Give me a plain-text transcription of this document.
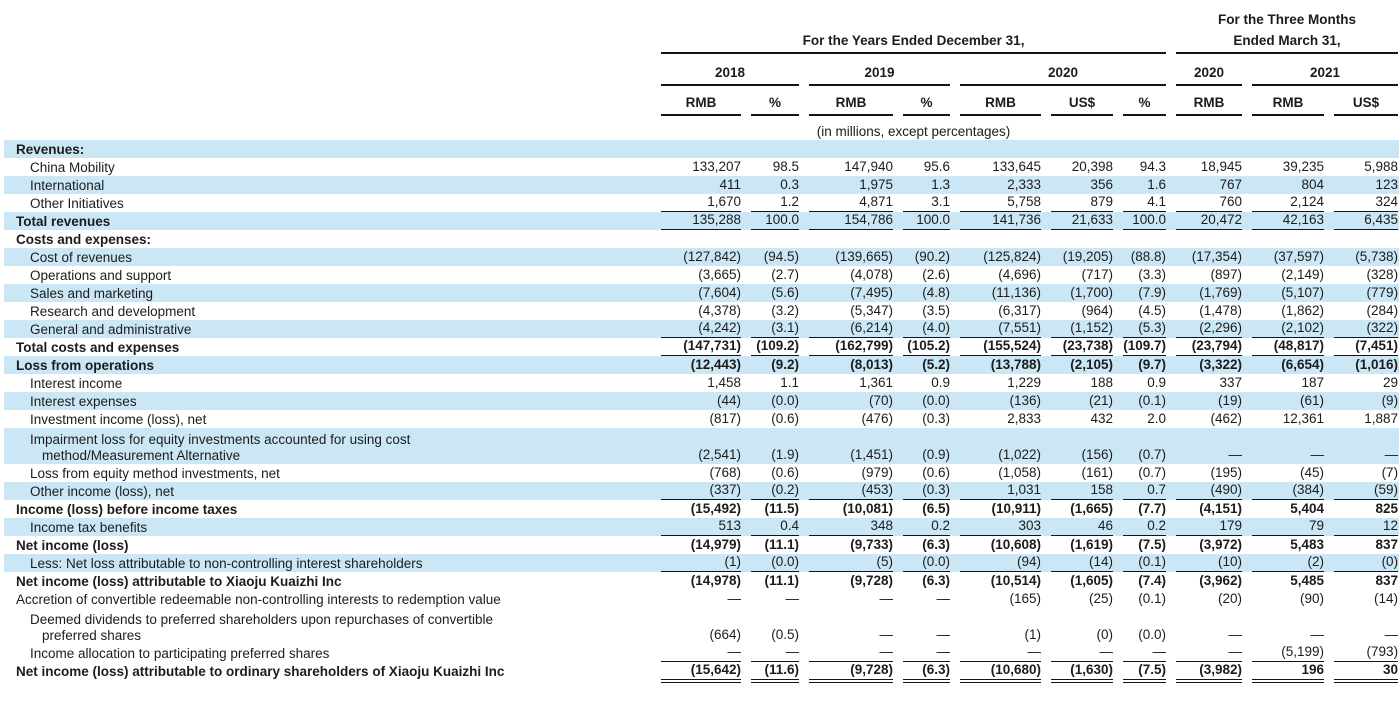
								For the Three Months		

	For the Years Ended December 31,							Ended March 31,		

	2018		2019		2020			2020	2021	

	RMB	%	RMB	%	RMB	US$	%	RMB	RMB	US$

	(in millions, except percentages)									

Revenues:										

China Mobility	133,207	98.5	147,940	95.6	133,645	20,398	94.3	18,945	39,235	5,988

International	411	0.3	1,975	1.3	2,333	356	1.6	767	804	123

Other Initiatives	1,670	1.2	4,871	3.1	5,758	879	4.1	760	2,124	324

Total revenues	135,288	100.0	154,786	100.0	141,736	21,633	100.0	20,472	42,163	6,435

Costs and expenses:										

Cost of revenues	(127,842)	(94.5)	(139,665)	(90.2)	(125,824)	(19,205)	(88.8)	(17,354)	(37,597)	(5,738)

Operations and support	(3,665)	(2.7)	(4,078)	(2.6)	(4,696)	(717)	(3.3)	(897)	(2,149)	(328)

Sales and marketing	(7,604)	(5.6)	(7,495)	(4.8)	(11,136)	(1,700)	(7.9)	(1,769)	(5,107)	(779)

Research and development	(4,378)	(3.2)	(5,347)	(3.5)	(6,317)	(964)	(4.5)	(1,478)	(1,862)	(284)

General and administrative	(4,242)	(3.1)	(6,214)	(4.0)	(7,551)	(1,152)	(5.3)	(2,296)	(2,102)	(322)

Total costs and expenses	(147,731)	(109.2)	(162,799)	(105.2)	(155,524)	(23,738)	(109.7)	(23,794)	(48,817)	(7,451)

Loss from operations	(12,443)	(9.2)	(8,013)	(5.2)	(13,788)	(2,105)	(9.7)	(3,322)	(6,654)	(1,016)

Interest income	1,458	1.1	1,361	0.9	1,229	188	0.9	337	187	29

Interest expenses	(44)	(0.0)	(70)	(0.0)	(136)	(21)	(0.1)	(19)	(61)	(9)

Investment income (loss), net	(817)	(0.6)	(476)	(0.3)	2,833	432	2.0	(462)	12,361	1,887

Impairment loss for equity investments accounted for using cost
method/Measurement Alternative	(2,541)	(1.9)	(1,451)	(0.9)	(1,022)	(156)	(0.7)	—	—	—

Loss from equity method investments, net	(768)	(0.6)	(979)	(0.6)	(1,058)	(161)	(0.7)	(195)	(45)	(7)

Other income (loss), net	(337)	(0.2)	(453)	(0.3)	1,031	158	0.7	(490)	(384)	(59)

Income (loss) before income taxes	(15,492)	(11.5)	(10,081)	(6.5)	(10,911)	(1,665)	(7.7)	(4,151)	5,404	825

Income tax benefits	513	0.4	348	0.2	303	46	0.2	179	79	12

Net income (loss)	(14,979)	(11.1)	(9,733)	(6.3)	(10,608)	(1,619)	(7.5)	(3,972)	5,483	837

Less: Net loss attributable to non-controlling interest shareholders	(1)	(0.0)	(5)	(0.0)	(94)	(14)	(0.1)	(10)	(2)	(0)

Net income (loss) attributable to Xiaoju Kuaizhi Inc	(14,978)	(11.1)	(9,728)	(6.3)	(10,514)	(1,605)	(7.4)	(3,962)	5,485	837

Accretion of convertible redeemable non-controlling interests to redemption value	—	—	—	—	(165)	(25)	(0.1)	(20)	(90)	(14)

Deemed dividends to preferred shareholders upon repurchases of convertible
preferred shares	(664)	(0.5)	—	—	(1)	(0)	(0.0)	—	—	—

Income allocation to participating preferred shares	—	—	—	—	—	—	—	—	(5,199)	(793)

Net income (loss) attributable to ordinary shareholders of Xiaoju Kuaizhi Inc	(15,642)	(11.6)	(9,728)	(6.3)	(10,680)	(1,630)	(7.5)	(3,982)	196	30
